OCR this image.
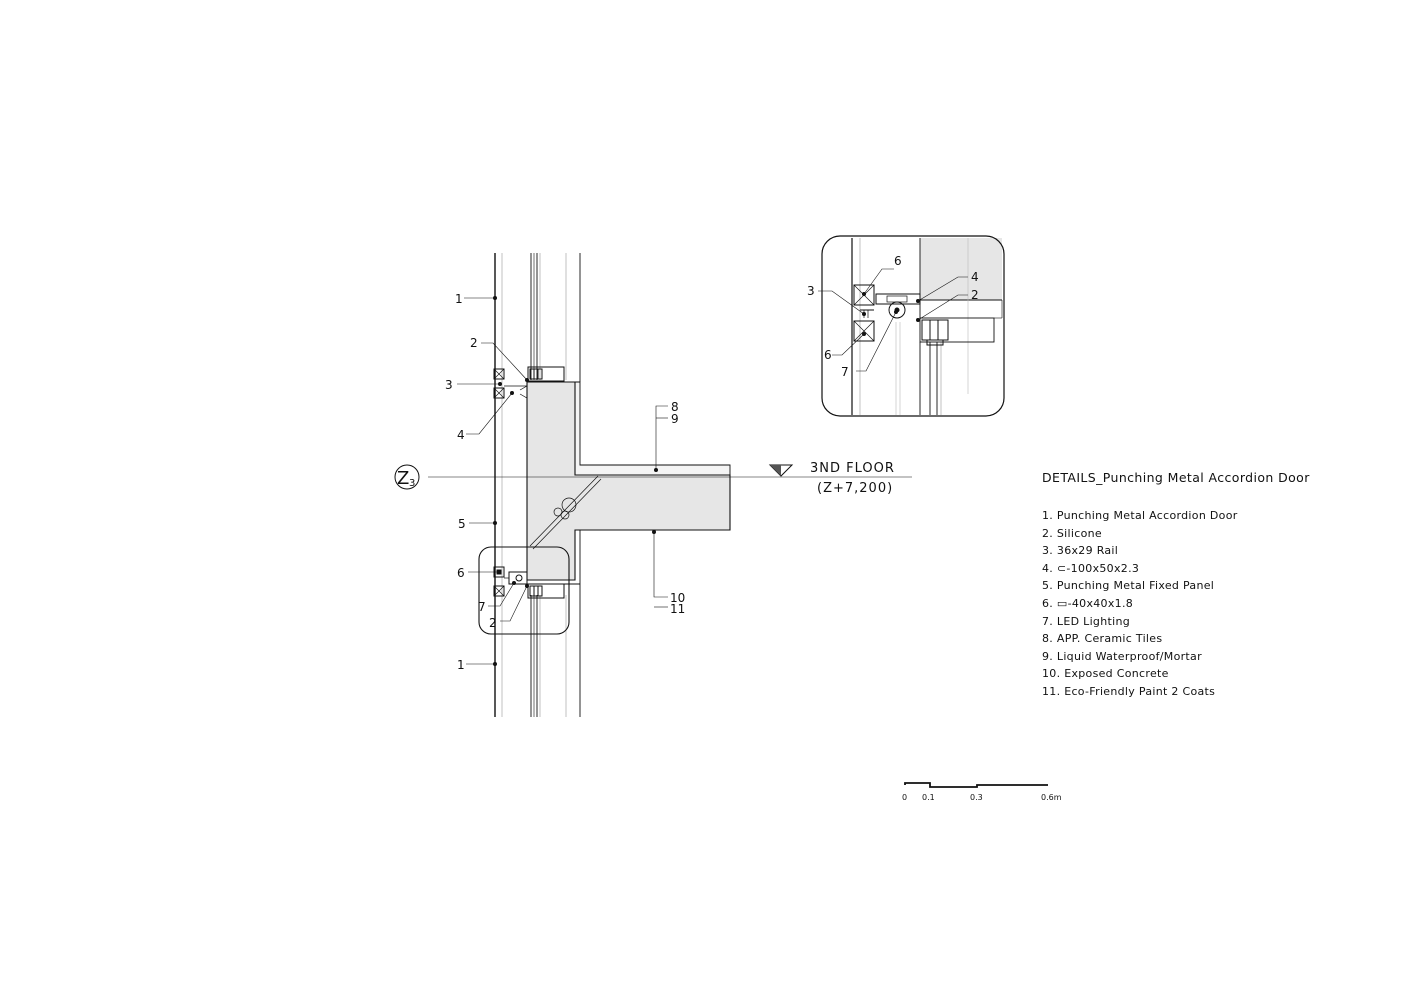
Z 3
3ND FLOOR
(Z+7,200)
1
2
3
4
8
9
5
6
7
2
10
11
1
6
3
6
7
4
2
0 0.1	0.3	0.6m
DETAILS_Punching Metal Accordion Door
1. Punching Metal Accordion Door
2. Silicone
3. 36x29 Rail
4. ⊂-100x50x2.3
5. Punching Metal Fixed Panel
6. ▭-40x40x1.8
7. LED Lighting
8. APP. Ceramic Tiles
9. Liquid Waterproof/Mortar
10. Exposed Concrete
11. Eco-Friendly Paint 2 Coats
